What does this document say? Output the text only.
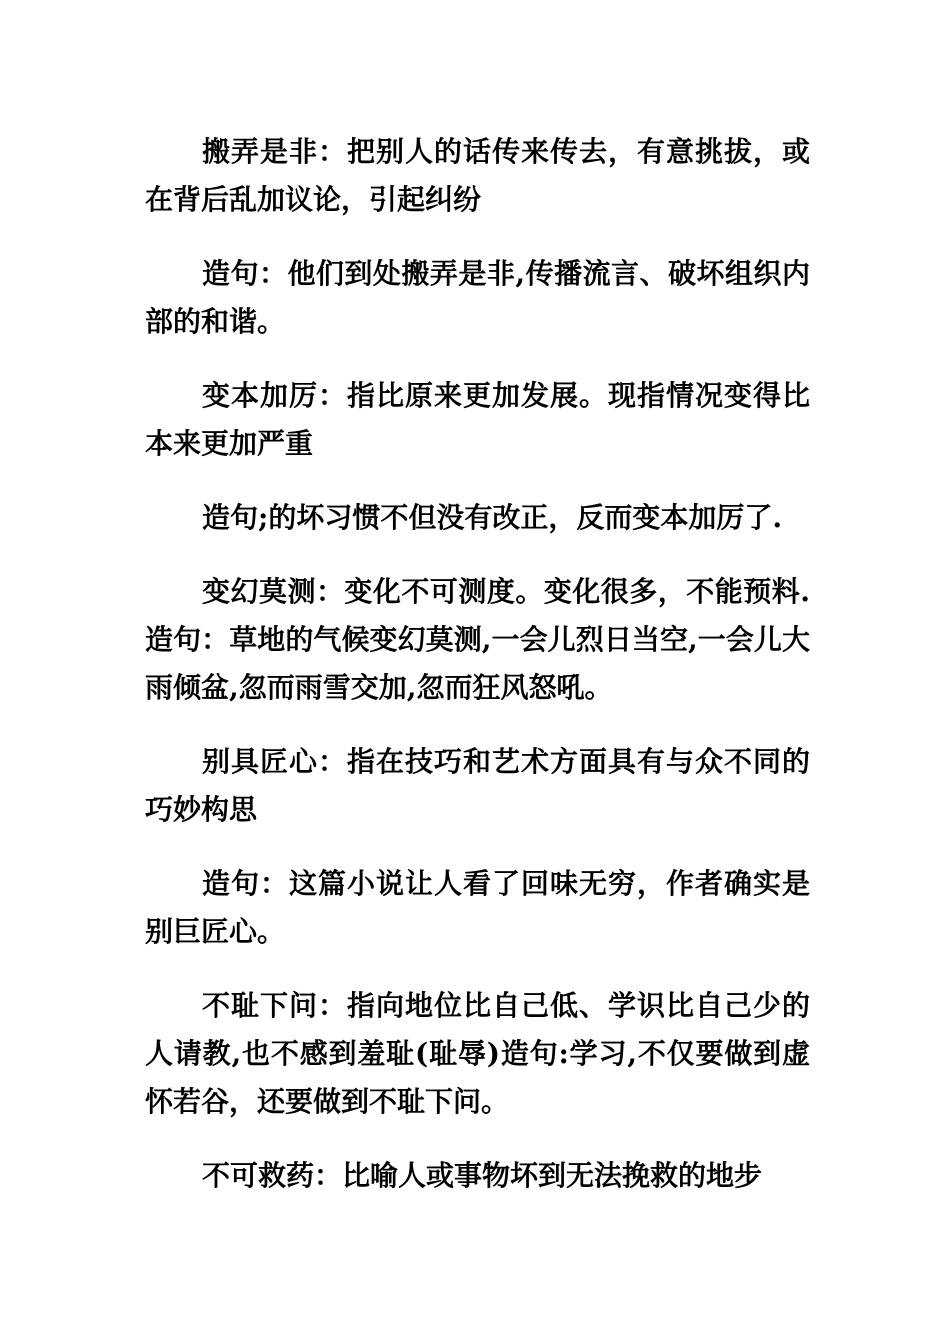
搬弄是非：把别人的话传来传去，有意挑拔，或在背后乱加议论，引起纠纷

造句：他们到处搬弄是非,传播流言、破坏组织内部的和谐。

变本加厉：指比原来更加发展。现指情况变得比本来更加严重

造句;的坏习惯不但没有改正，反而变本加厉了.

变幻莫测：变化不可测度。变化很多，不能预料.造句：草地的气候变幻莫测,一会儿烈日当空,一会儿大雨倾盆,忽而雨雪交加,忽而狂风怒吼。

别具匠心：指在技巧和艺术方面具有与众不同的巧妙构思

造句：这篇小说让人看了回味无穷，作者确实是别巨匠心。

不耻下问：指向地位比自己低、学识比自己少的人请教,也不感到羞耻(耻辱)造句:学习,不仅要做到虚怀若谷，还要做到不耻下问。

不可救药：比喻人或事物坏到无法挽救的地步
